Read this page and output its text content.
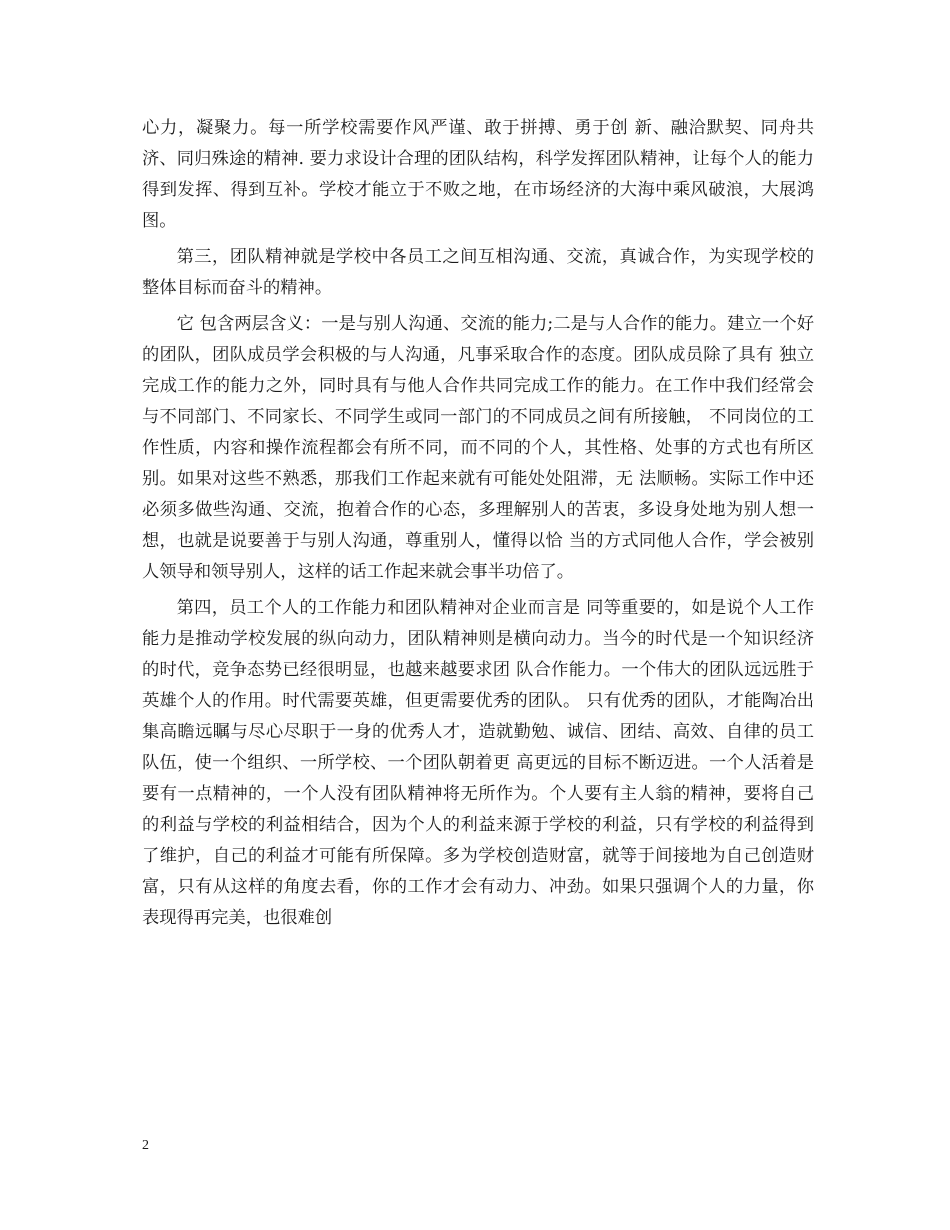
心力，凝聚力。每一所学校需要作风严谨、敢于拼搏、勇于创 新、融洽默契、同舟共济、同归殊途的精神. 要力求设计合理的团队结构，科学发挥团队精神，让每个人的能力得到发挥、得到互补。学校才能立于不败之地，在市场经济的大海中乘风破浪，大展鸿图。

第三，团队精神就是学校中各员工之间互相沟通、交流，真诚合作，为实现学校的整体目标而奋斗的精神。

它 包含两层含义：一是与别人沟通、交流的能力;二是与人合作的能力。建立一个好的团队，团队成员学会积极的与人沟通，凡事采取合作的态度。团队成员除了具有 独立完成工作的能力之外，同时具有与他人合作共同完成工作的能力。在工作中我们经常会与不同部门、不同家长、不同学生或同一部门的不同成员之间有所接触， 不同岗位的工作性质，内容和操作流程都会有所不同，而不同的个人，其性格、处事的方式也有所区别。如果对这些不熟悉，那我们工作起来就有可能处处阻滞，无 法顺畅。实际工作中还必须多做些沟通、交流，抱着合作的心态，多理解别人的苦衷，多设身处地为别人想一想，也就是说要善于与别人沟通，尊重别人，懂得以恰 当的方式同他人合作，学会被别人领导和领导别人，这样的话工作起来就会事半功倍了。

第四，员工个人的工作能力和团队精神对企业而言是 同等重要的，如是说个人工作能力是推动学校发展的纵向动力，团队精神则是横向动力。当今的时代是一个知识经济的时代，竞争态势已经很明显，也越来越要求团 队合作能力。一个伟大的团队远远胜于英雄个人的作用。时代需要英雄，但更需要优秀的团队。 只有优秀的团队，才能陶冶出集高瞻远瞩与尽心尽职于一身的优秀人才，造就勤勉、诚信、团结、高效、自律的员工队伍，使一个组织、一所学校、一个团队朝着更 高更远的目标不断迈进。一个人活着是要有一点精神的，一个人没有团队精神将无所作为。个人要有主人翁的精神，要将自己的利益与学校的利益相结合，因为个人的利益来源于学校的利益，只有学校的利益得到了维护，自己的利益才可能有所保障。多为学校创造财富，就等于间接地为自己创造财富，只有从这样的角度去看，你的工作才会有动力、冲劲。如果只强调个人的力量，你表现得再完美，也很难创

2
